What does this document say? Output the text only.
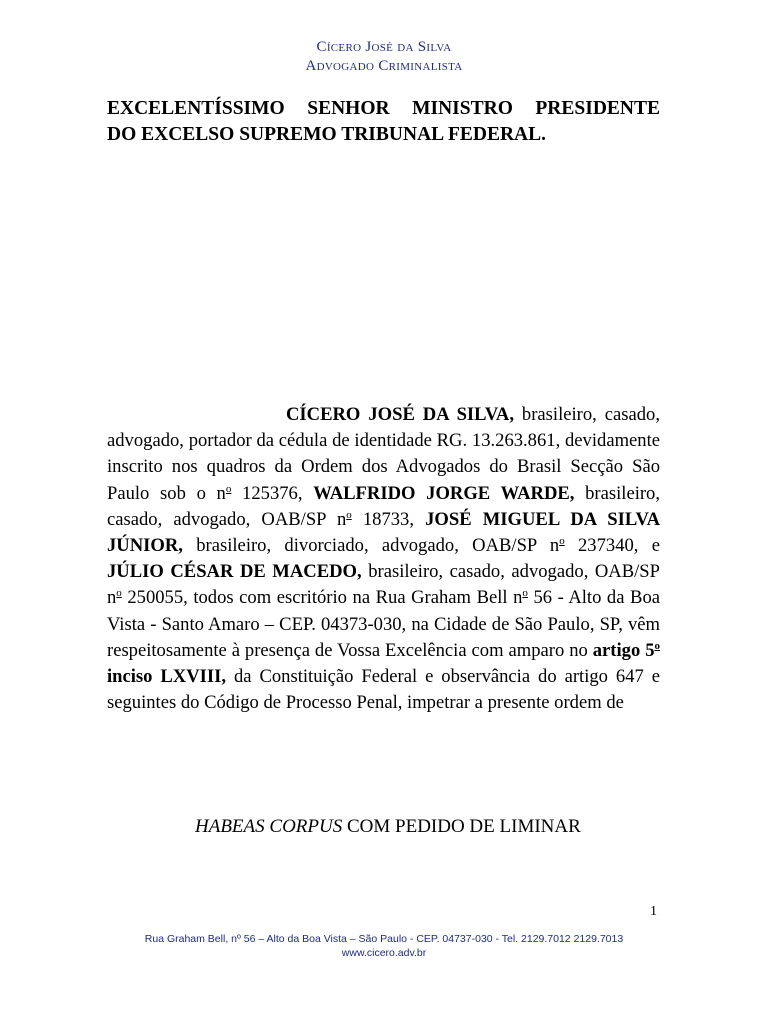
Cícero José da Silva
Advogado Criminalista

EXCELENTÍSSIMO SENHOR MINISTRO PRESIDENTE

DO EXCELSO SUPREMO TRIBUNAL FEDERAL.

CÍCERO JOSÉ DA SILVA, brasileiro, casado, advogado, portador da cédula de identidade RG. 13.263.861, devidamente inscrito nos quadros da Ordem dos Advogados do Brasil Secção São Paulo sob o $n^o$ 125376, WALFRIDO JORGE WARDE, brasileiro, casado, advogado, OAB/SP $n^o$ 18733, JOSÉ MIGUEL DA SILVA JÚNIOR, brasileiro, divorciado, advogado, OAB/SP $n^o$ 237340, e JÚLIO CÉSAR DE MACEDO, brasileiro, casado, advogado, OAB/SP $n^o$ 250055, todos com escritório na Rua Graham Bell $n^o$ 56 - Alto da Boa Vista - Santo Amaro – CEP. 04373-030, na Cidade de São Paulo, SP, vêm respeitosamente à presença de Vossa Excelência com amparo no artigo 5$^o$ inciso LXVIII, da Constituição Federal e observância do artigo 647 e seguintes do Código de Processo Penal, impetrar a presente ordem de

HABEAS CORPUS COM PEDIDO DE LIMINAR
1
Rua Graham Bell, nº 56 – Alto da Boa Vista – São Paulo - CEP. 04737-030 - Tel. 2129.7012 2129.7013
www.cicero.adv.br
